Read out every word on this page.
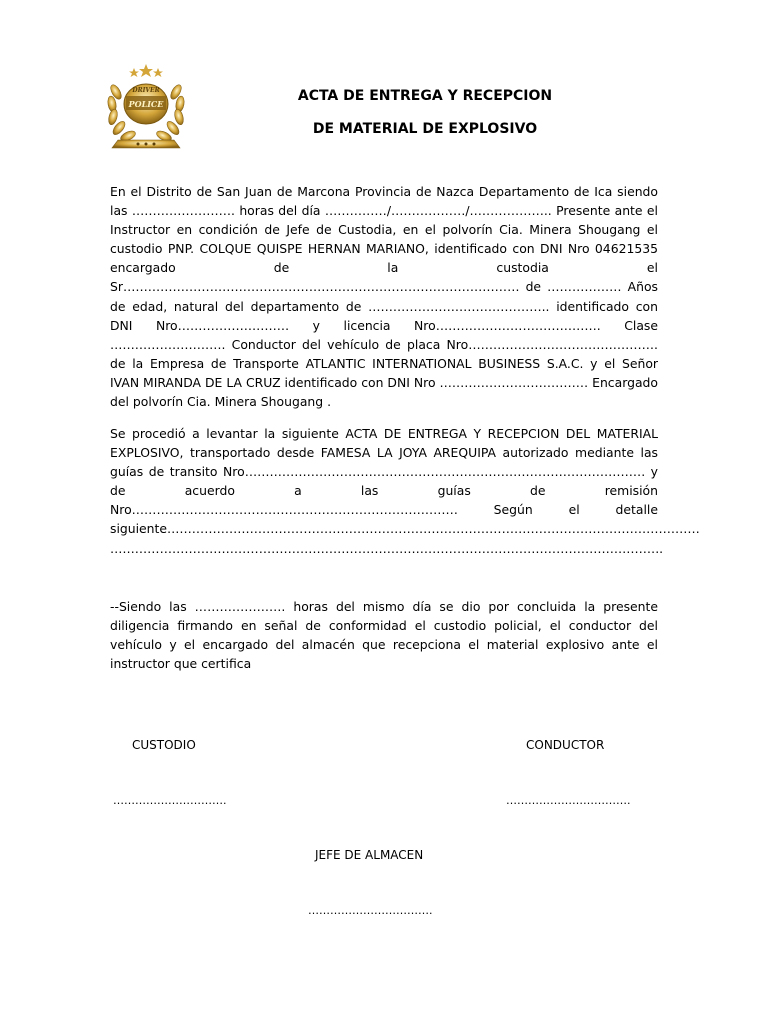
DRIVER
POLICE	ACTA DE ENTREGA Y RECEPCION
DE MATERIAL DE EXPLOSIVO
En el Distrito de San Juan de Marcona Provincia de Nazca Departamento de Ica siendo las ……………………. horas del día ……………/………………/……………….. Presente ante el Instructor en condición de Jefe de Custodia, en el polvorín Cia. Minera Shougang el custodio PNP. COLQUE QUISPE HERNAN MARIANO, identificado con DNI Nro 04621535 encargado de la custodia el Sr…………………………………………………………………………………… de ……………… Años de edad, natural del departamento de …………………………………….. identificado con DNI Nro……………………… y licencia Nro…………………………………. Clase ………………………. Conductor del vehículo de placa Nro………………………………………. de la Empresa de Transporte ATLANTIC INTERNATIONAL BUSINESS S.A.C. y el Señor IVAN MIRANDA DE LA CRUZ identificado con DNI Nro ……………………………… Encargado del polvorín Cia. Minera Shougang .
Se procedió a levantar la siguiente ACTA DE ENTREGA Y RECEPCION DEL MATERIAL EXPLOSIVO, transportado desde FAMESA LA JOYA AREQUIPA autorizado mediante las guías de transito Nro……………………………………………………………………………………. y de acuerdo a las guías de remisión Nro……………………………………………………………………. Según el detalle siguiente………………………………………………………………………………………………………………… ……………………………………………………………………………………………………………………..
--Siendo las …………………. horas del mismo día se dio por concluida la presente diligencia firmando en señal de conformidad el custodio policial, el conductor del vehículo y el encargado del almacén que recepciona el material explosivo ante el instructor que certifica
CUSTODIO	CONDUCTOR
………………………….	…………………………….
JEFE DE ALMACEN
…………………………….
